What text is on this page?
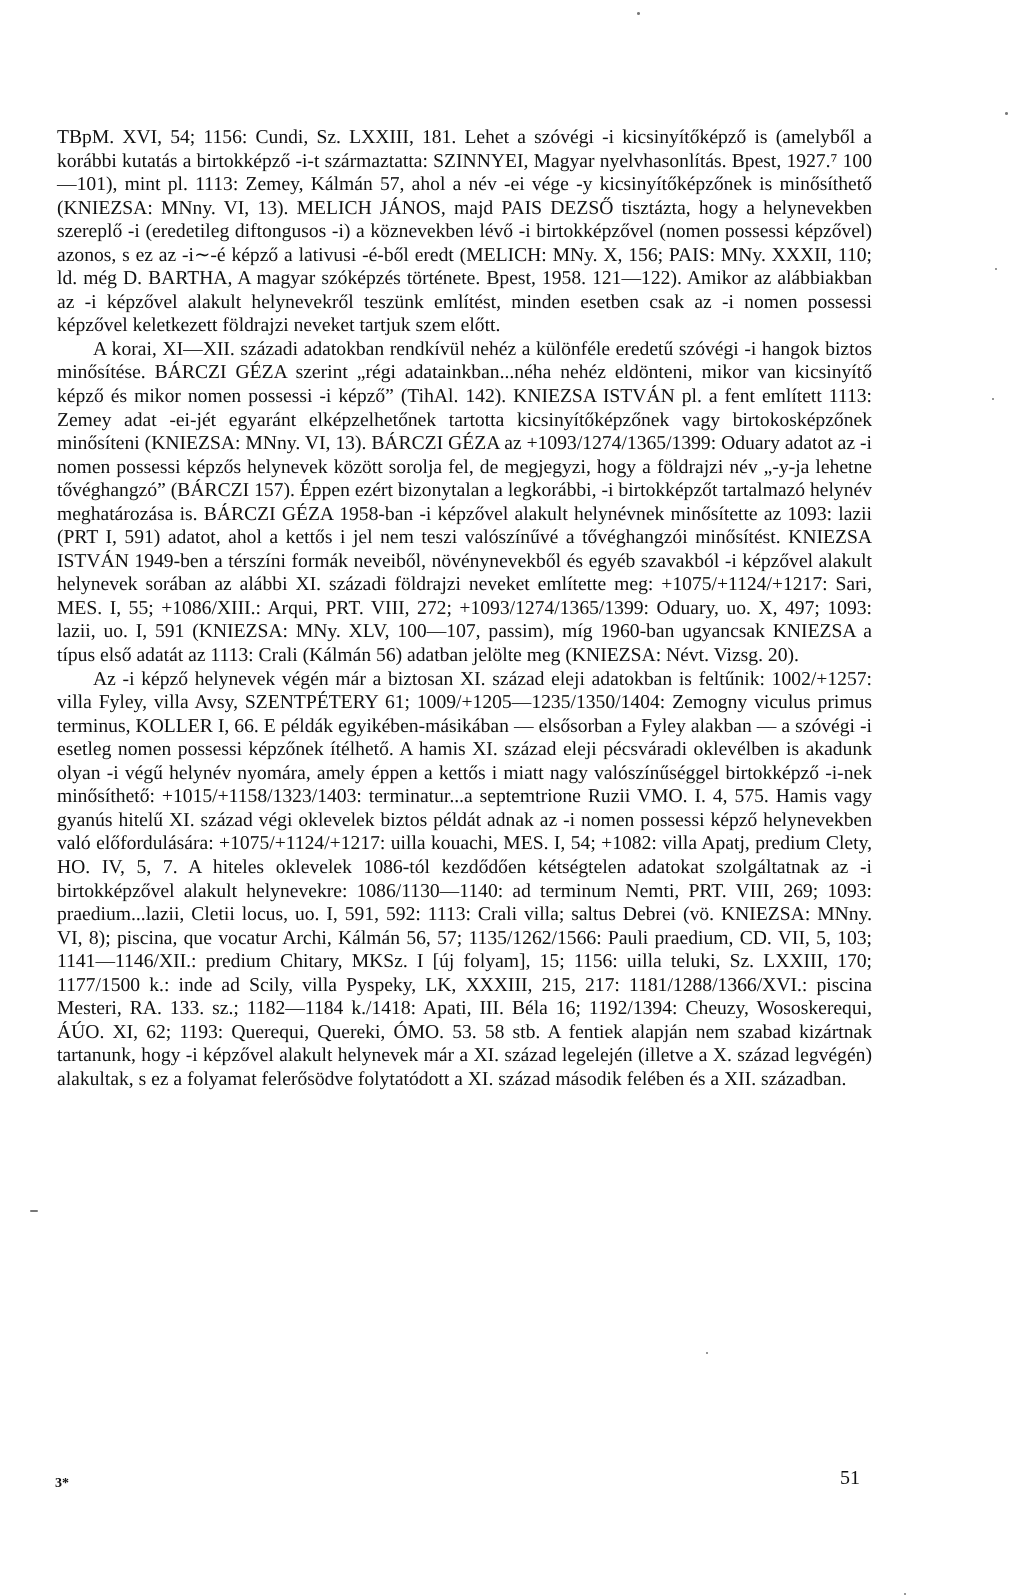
TBpM. XVI, 54; 1156: Cundi, Sz. LXXIII, 181. Lehet a szóvégi -i kicsinyítőképző is (amelyből a korábbi kutatás a birtokképző -i-t származtatta: SZINNYEI, Magyar nyelvhasonlítás. Bpest, 1927.⁷ 100—101), mint pl. 1113: Zemey, Kálmán 57, ahol a név -ei vége -y kicsinyítőképzőnek is minősíthető (KNIEZSA: MNny. VI, 13). MELICH JÁNOS, majd PAIS DEZSŐ tisztázta, hogy a helynevekben szereplő -i (eredetileg diftongusos -i) a köznevekben lévő -i birtokképzővel (nomen possessi képzővel) azonos, s ez az -i∼-é képző a lativusi -é-ből eredt (MELICH: MNy. X, 156; PAIS: MNy. XXXII, 110; ld. még D. BARTHA, A magyar szóképzés története. Bpest, 1958. 121—122). Amikor az alábbiakban az -i képzővel alakult helynevekről teszünk említést, minden esetben csak az -i nomen possessi képzővel keletkezett földrajzi neveket tartjuk szem előtt.

A korai, XI—XII. századi adatokban rendkívül nehéz a különféle eredetű szóvégi -i hangok biztos minősítése. BÁRCZI GÉZA szerint „régi adatainkban...néha nehéz eldönteni, mikor van kicsinyítő képző és mikor nomen possessi -i képző” (TihAl. 142). KNIEZSA ISTVÁN pl. a fent említett 1113: Zemey adat -ei-jét egyaránt elképzelhetőnek tartotta kicsinyítőképzőnek vagy birtokosképzőnek minősíteni (KNIEZSA: MNny. VI, 13). BÁRCZI GÉZA az +1093/1274/1365/1399: Oduary adatot az -i nomen possessi képzős helynevek között sorolja fel, de megjegyzi, hogy a földrajzi név „-y-ja lehetne tővéghangzó” (BÁRCZI 157). Éppen ezért bizonytalan a legkorábbi, -i birtokképzőt tartalmazó helynév meghatározása is. BÁRCZI GÉZA 1958-ban -i képzővel alakult helynévnek minősítette az 1093: lazii (PRT I, 591) adatot, ahol a kettős i jel nem teszi valószínűvé a tővéghangzói minősítést. KNIEZSA ISTVÁN 1949-ben a térszíni formák neveiből, növénynevekből és egyéb szavakból -i képzővel alakult helynevek sorában az alábbi XI. századi földrajzi neveket említette meg: +1075/+1124/+1217: Sari, MES. I, 55; +1086/XIII.: Arqui, PRT. VIII, 272; +1093/1274/1365/1399: Oduary, uo. X, 497; 1093: lazii, uo. I, 591 (KNIEZSA: MNy. XLV, 100—107, passim), míg 1960-ban ugyancsak KNIEZSA a típus első adatát az 1113: Crali (Kálmán 56) adatban jelölte meg (KNIEZSA: Névt. Vizsg. 20).

Az -i képző helynevek végén már a biztosan XI. század eleji adatokban is feltűnik: 1002/+1257: villa Fyley, villa Avsy, SZENTPÉTERY 61; 1009/+1205—1235/1350/1404: Zemogny viculus primus terminus, KOLLER I, 66. E példák egyikében-másikában — elsősorban a Fyley alakban — a szóvégi -i esetleg nomen possessi képzőnek ítélhető. A hamis XI. század eleji pécsváradi oklevélben is akadunk olyan -i végű helynév nyomára, amely éppen a kettős i miatt nagy valószínűséggel birtokképző -i-nek minősíthető: +1015/+1158/1323/1403: terminatur...a septemtrione Ruzii VMO. I. 4, 575. Hamis vagy gyanús hitelű XI. század végi oklevelek biztos példát adnak az -i nomen possessi képző helynevekben való előfordulására: +1075/+1124/+1217: uilla kouachi, MES. I, 54; +1082: villa Apatj, predium Clety, HO. IV, 5, 7. A hiteles oklevelek 1086-tól kezdődően kétségtelen adatokat szolgáltatnak az -i birtokképzővel alakult helynevekre: 1086/1130—1140: ad terminum Nemti, PRT. VIII, 269; 1093: praedium...lazii, Cletii locus, uo. I, 591, 592: 1113: Crali villa; saltus Debrei (vö. KNIEZSA: MNny. VI, 8); piscina, que vocatur Archi, Kálmán 56, 57; 1135/1262/1566: Pauli praedium, CD. VII, 5, 103; 1141—1146/XII.: predium Chitary, MKSz. I [új folyam], 15; 1156: uilla teluki, Sz. LXXIII, 170; 1177/1500 k.: inde ad Scily, villa Pyspeky, LK, XXXIII, 215, 217: 1181/1288/1366/XVI.: piscina Mesteri, RA. 133. sz.; 1182—1184 k./1418: Apati, III. Béla 16; 1192/1394: Cheuzy, Wososkerequi, ÁÚO. XI, 62; 1193: Querequi, Quereki, ÓMO. 53. 58 stb. A fentiek alapján nem szabad kizártnak tartanunk, hogy -i képzővel alakult helynevek már a XI. század legelején (illetve a X. század legvégén) alakultak, s ez a folyamat felerősödve folytatódott a XI. század második felében és a XII. században.

3*	51
